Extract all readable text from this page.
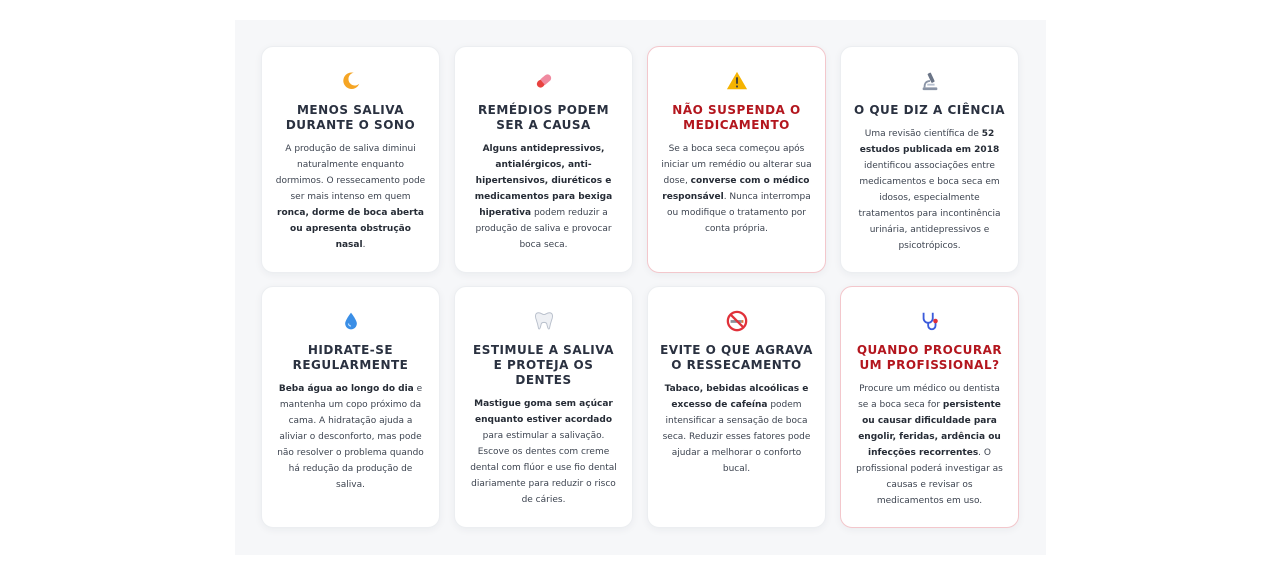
MENOS SALIVA DURANTE O SONO
A produção de saliva diminui naturalmente enquanto dormimos. O ressecamento pode ser mais intenso em quem ronca, dorme de boca aberta ou apresenta obstrução nasal.
REMÉDIOS PODEM SER A CAUSA
Alguns antidepressivos, antialérgicos, anti-hipertensivos, diuréticos e medicamentos para bexiga hiperativa podem reduzir a produção de saliva e provocar boca seca.
NÃO SUSPENDA O MEDICAMENTO
Se a boca seca começou após iniciar um remédio ou alterar sua dose, converse com o médico responsável. Nunca interrompa ou modifique o tratamento por conta própria.
O QUE DIZ A CIÊNCIA
Uma revisão científica de 52 estudos publicada em 2018 identificou associações entre medicamentos e boca seca em idosos, especialmente tratamentos para incontinência urinária, antidepressivos e psicotrópicos.
HIDRATE-SE REGULARMENTE
Beba água ao longo do dia e mantenha um copo próximo da cama. A hidratação ajuda a aliviar o desconforto, mas pode não resolver o problema quando há redução da produção de saliva.
ESTIMULE A SALIVA E PROTEJA OS DENTES
Mastigue goma sem açúcar enquanto estiver acordado para estimular a salivação. Escove os dentes com creme dental com flúor e use fio dental diariamente para reduzir o risco de cáries.
EVITE O QUE AGRAVA O RESSECAMENTO
Tabaco, bebidas alcoólicas e excesso de cafeína podem intensificar a sensação de boca seca. Reduzir esses fatores pode ajudar a melhorar o conforto bucal.
QUANDO PROCURAR UM PROFISSIONAL?
Procure um médico ou dentista se a boca seca for persistente ou causar dificuldade para engolir, feridas, ardência ou infecções recorrentes. O profissional poderá investigar as causas e revisar os medicamentos em uso.
